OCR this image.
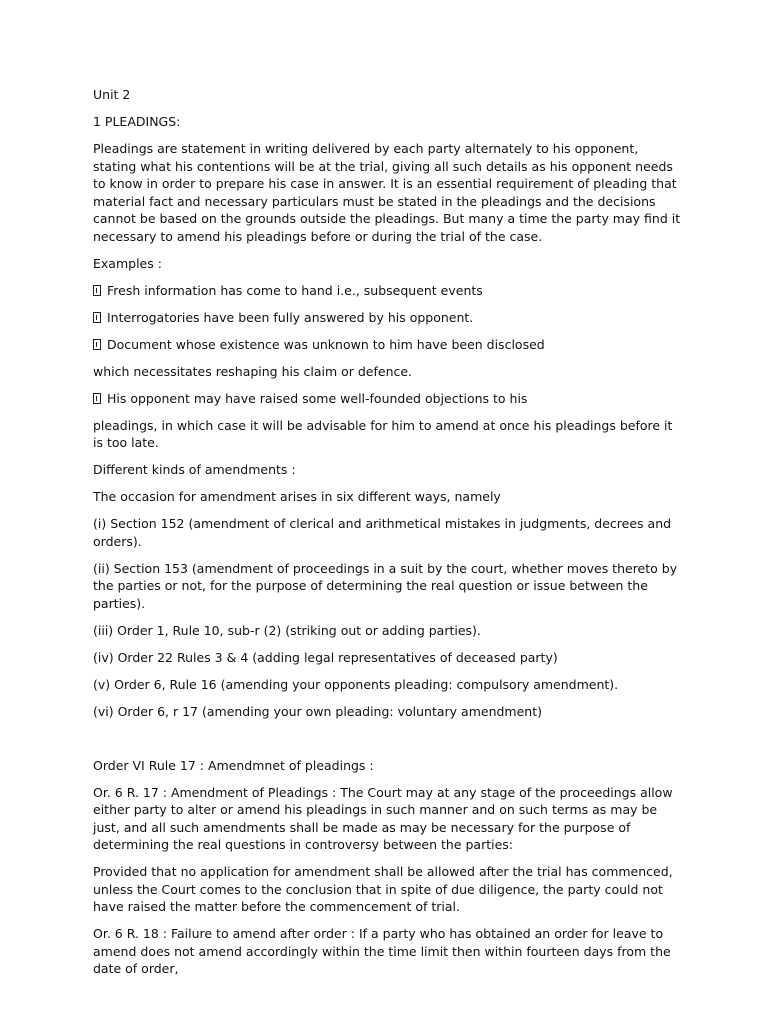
Unit 2

1 PLEADINGS:

Pleadings are statement in writing delivered by each party alternately to his opponent, stating what his contentions will be at the trial, giving all such details as his opponent needs to know in order to prepare his case in answer. It is an essential requirement of pleading that material fact and necessary particulars must be stated in the pleadings and the decisions cannot be based on the grounds outside the pleadings. But many a time the party may find it necessary to amend his pleadings before or during the trial of the case.

Examples :

Fresh information has come to hand i.e., subsequent events

Interrogatories have been fully answered by his opponent.

Document whose existence was unknown to him have been disclosed

which necessitates reshaping his claim or defence.

His opponent may have raised some well-founded objections to his

pleadings, in which case it will be advisable for him to amend at once his pleadings before it is too late.

Different kinds of amendments :

The occasion for amendment arises in six different ways, namely

(i) Section 152 (amendment of clerical and arithmetical mistakes in judgments, decrees and orders).

(ii) Section 153 (amendment of proceedings in a suit by the court, whether moves thereto by the parties or not, for the purpose of determining the real question or issue between the parties).

(iii) Order 1, Rule 10, sub-r (2) (striking out or adding parties).

(iv) Order 22 Rules 3 & 4 (adding legal representatives of deceased party)

(v) Order 6, Rule 16 (amending your opponents pleading: compulsory amendment).

(vi) Order 6, r 17 (amending your own pleading: voluntary amendment)

Order VI Rule 17 : Amendmnet of pleadings :

Or. 6 R. 17 : Amendment of Pleadings : The Court may at any stage of the proceedings allow either party to alter or amend his pleadings in such manner and on such terms as may be just, and all such amendments shall be made as may be necessary for the purpose of determining the real questions in controversy between the parties:

Provided that no application for amendment shall be allowed after the trial has commenced, unless the Court comes to the conclusion that in spite of due diligence, the party could not have raised the matter before the commencement of trial.

Or. 6 R. 18 : Failure to amend after order : If a party who has obtained an order for leave to amend does not amend accordingly within the time limit then within fourteen days from the date of order,
